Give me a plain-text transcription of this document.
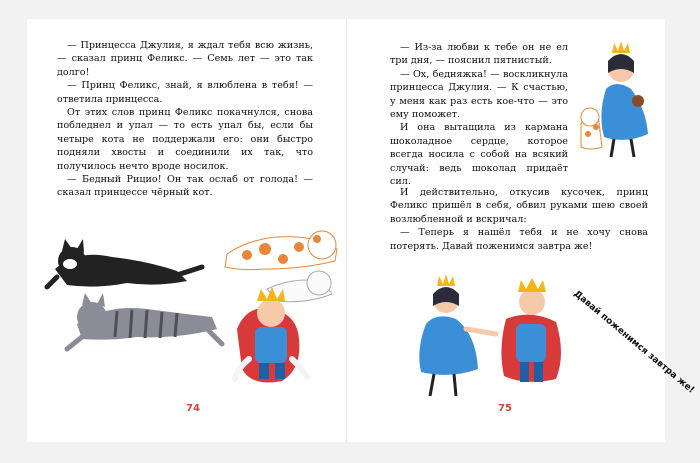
— Принцесса Джулия, я ждал тебя всю жизнь, — сказал принц Феликс. — Семь лет — это так долго!

— Принц Феликс, знай, я влюблена в тебя! — ответила принцесса.

От этих слов принц Феликс покачнулся, снова побледнел и упал — то есть упал бы, если бы четыре кота не поддержали его: они быстро подняли хвосты и соединили их так, что получилось нечто вроде носилок.

— Бедный Рицио! Он так ослаб от голода! — сказал принцессе чёрный кот.

74

— Из-за любви к тебе он не ел три дня, — пояснил пятнистый.

— Ох, бедняжка! — воскликнула принцесса Джулия. — К счастью, у меня как раз есть кое-что — это ему поможет.

И она вытащила из кармана шоколадное сердце, которое всегда носила с собой на всякий случай: ведь шоколад придаёт сил.

И действительно, откусив кусочек, принц Феликс пришёл в себя, обвил руками шею своей возлюбленной и вскричал:

— Теперь я нашёл тебя и не хочу снова потерять. Давай поженимся завтра же!

Давай поженимся завтра же!
75
